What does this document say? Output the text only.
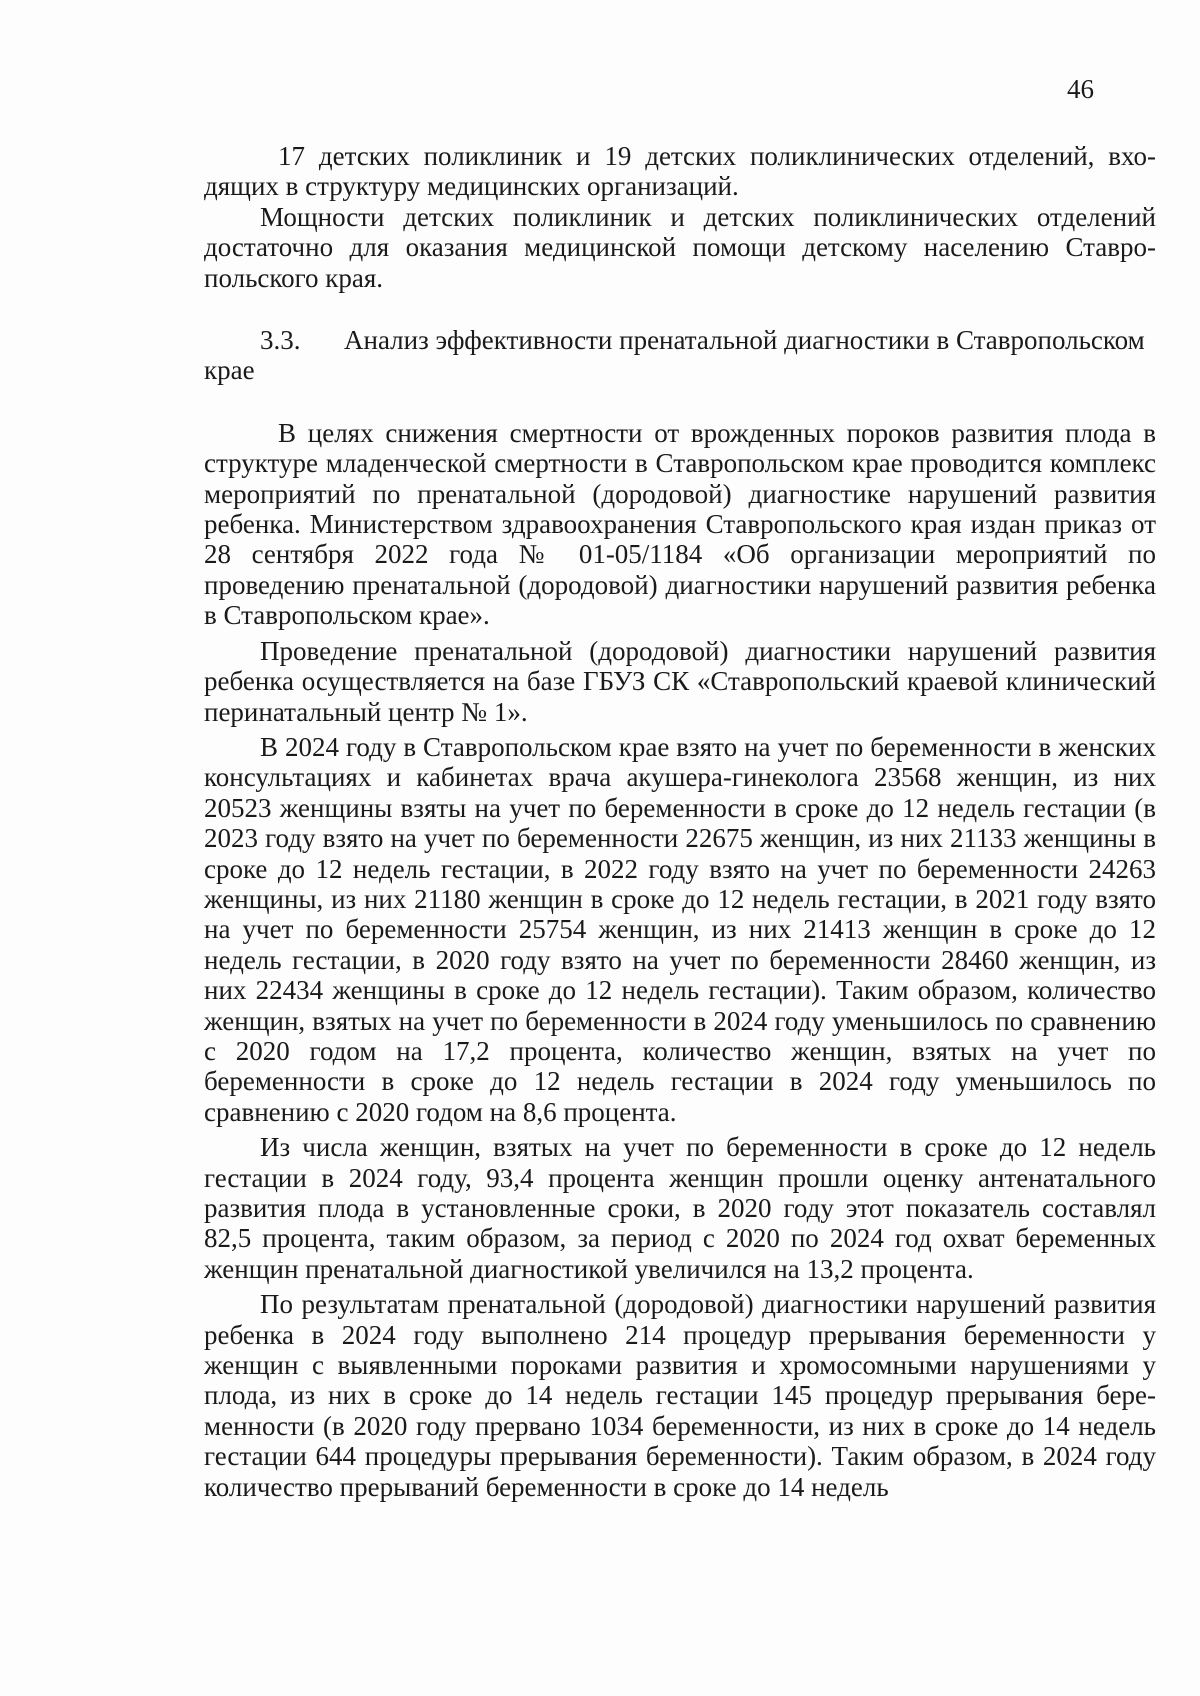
46

17 детских поликлиник и 19 детских поликлинических отделений, входящих в структуру медицинских организаций.

Мощности детских поликлиник и детских поликлинических отделений достаточно для оказания медицинской помощи детскому населению Ставропольского края.

3.3. Анализ эффективности пренатальной диагностики в Ставропольском крае

В целях снижения смертности от врожденных пороков развития плода в структуре младенческой смертности в Ставропольском крае проводится комплекс мероприятий по пренатальной (дородовой) диагностике нарушений развития ребенка. Министерством здравоохранения Ставропольского края издан приказ от 28 сентября 2022 года № 01-05/1184 «Об организации мероприятий по проведению пренатальной (дородовой) диагностики нарушений развития ребенка в Ставропольском крае».

Проведение пренатальной (дородовой) диагностики нарушений развития ребенка осуществляется на базе ГБУЗ СК «Ставропольский краевой клинический перинатальный центр № 1».

В 2024 году в Ставропольском крае взято на учет по беременности в женских консультациях и кабинетах врача акушера-гинеколога 23568 женщин, из них 20523 женщины взяты на учет по беременности в сроке до 12 недель гестации (в 2023 году взято на учет по беременности 22675 женщин, из них 21133 женщины в сроке до 12 недель гестации, в 2022 году взято на учет по беременности 24263 женщины, из них 21180 женщин в сроке до 12 недель гестации, в 2021 году взято на учет по беременности 25754 женщин, из них 21413 женщин в сроке до 12 недель гестации, в 2020 году взято на учет по беременности 28460 женщин, из них 22434 женщины в сроке до 12 недель гестации). Таким образом, количество женщин, взятых на учет по беременности в 2024 году уменьшилось по сравнению с 2020 годом на 17,2 процента, количество женщин, взятых на учет по беременности в сроке до 12 недель гестации в 2024 году уменьшилось по сравнению с 2020 годом на 8,6 процента.

Из числа женщин, взятых на учет по беременности в сроке до 12 недель гестации в 2024 году, 93,4 процента женщин прошли оценку антенатального развития плода в установленные сроки, в 2020 году этот показатель составлял 82,5 процента, таким образом, за период с 2020 по 2024 год охват беременных женщин пренатальной диагностикой увеличился на 13,2 процента.

По результатам пренатальной (дородовой) диагностики нарушений развития ребенка в 2024 году выполнено 214 процедур прерывания беременности у женщин с выявленными пороками развития и хромосомными нарушениями у плода, из них в сроке до 14 недель гестации 145 процедур прерывания беременности (в 2020 году прервано 1034 беременности, из них в сроке до 14 недель гестации 644 процедуры прерывания беременности). Таким образом, в 2024 году количество прерываний беременности в сроке до 14 недель
